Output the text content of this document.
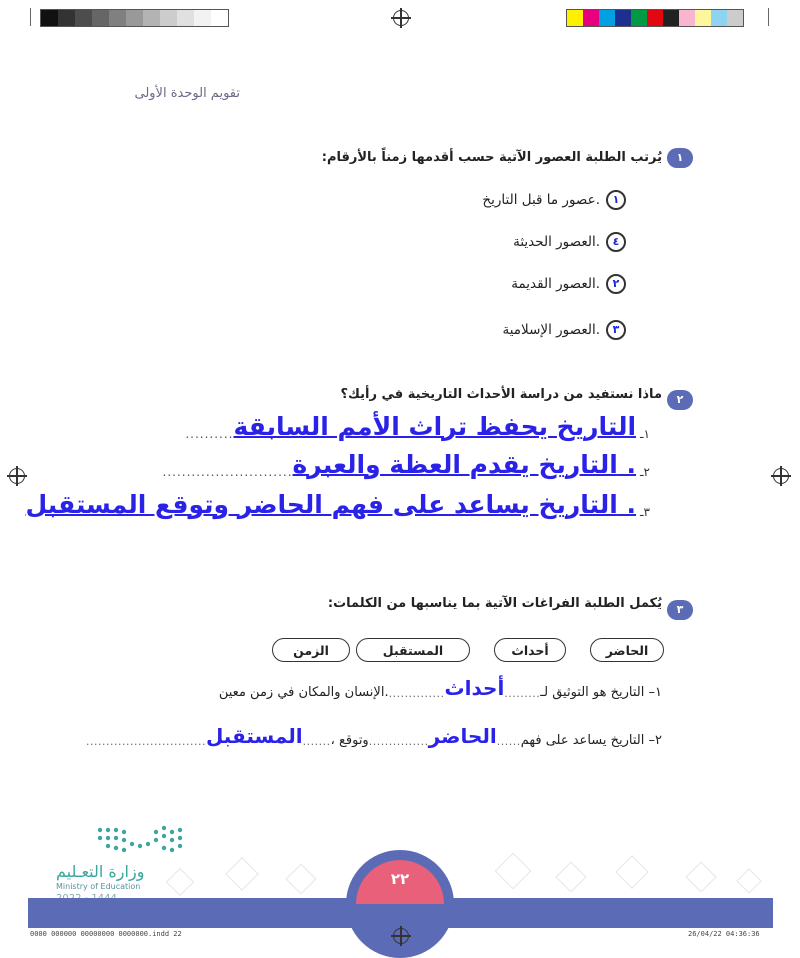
تقويم الوحدة الأولى
١
يُرتب الطلبة العصور الآتية حسب أقدمها زمناً بالأرقام:
١
عصور ما قبل التاريخ.
٤
العصور الحديثة.
٢
العصور القديمة.
٣
العصور الإسلامية.
٢
ماذا نستفيد من دراسة الأحداث التاريخية في رأيك؟
١ـ
التاريخ يحفظ تراث الأمم السابقة
..........
٢ـ
التاريخ يقدم العظة والعبرة .
...........................
٣ـ
التاريخ يساعد على فهم الحاضر وتوقع المستقبل .
٣
يُكمل الطلبة الفراغات الآتية بما يناسبها من الكلمات:
الحاضر
أحداث
المستقبل
الزمن
١– التاريخ هو التوثيق لـ
.........
أحداث
..............
الإنسان والمكان في زمن معين.
٢– التاريخ يساعد على فهم
......
الحاضر
...............
، وتوقع
.......
المستقبل
..............................
وزارة التعـليم
Ministry of Education	٢٢
0000 000000 00000000 0000000.indd 22	26/04/22 04:36:36
